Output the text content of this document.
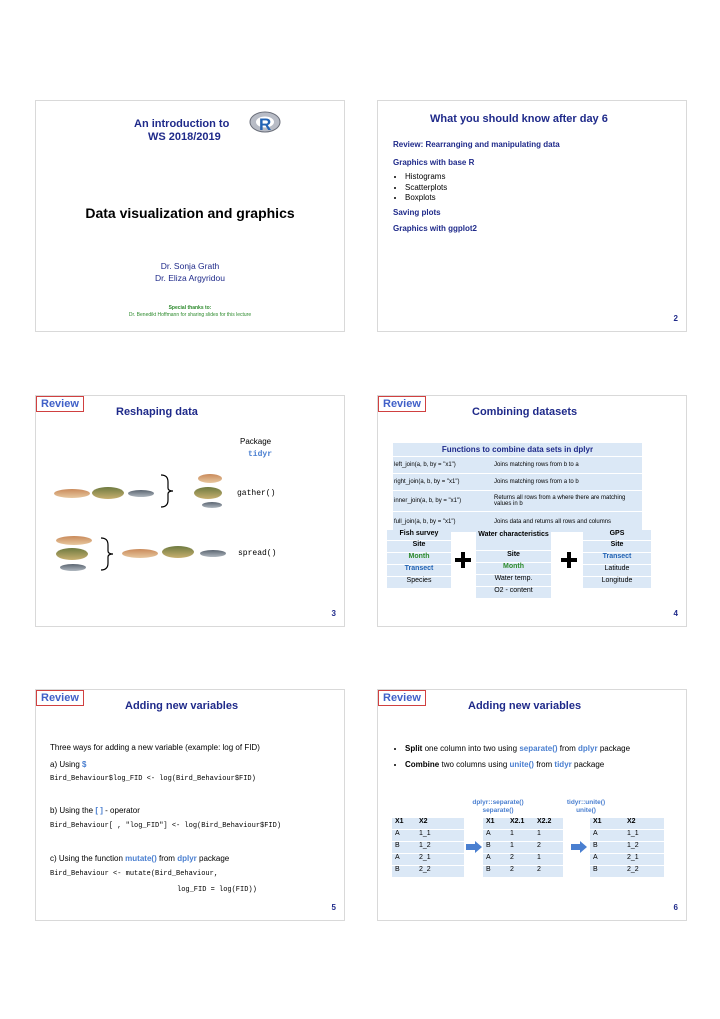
An introduction to R
WS 2018/2019
Data visualization and graphics
Dr. Sonja Grath
Dr. Eliza Argyridou
Special thanks to:
Dr. Benedikt Hoffmann for sharing slides for this lecture
What you should know after day 6
Review: Rearranging and manipulating data
Graphics with base R
• Histograms
• Scatterplots
• Boxplots
Saving plots
Graphics with ggplot2
2
Review
Reshaping data
Package
tidyr
gather()
spread()
3
Review
Combining datasets
Functions to combine data sets in dplyr
left_join(a, b, by = "x1")	Joins matching rows from b to a
right_join(a, b, by = "x1")	Joins matching rows from a to b
inner_join(a, b, by = "x1")	Returns all rows from a where there are matching values in b
full_join(a, b, by = "x1")	Joins data and returns all rows and columns
Fish survey
Site
Month
Transect
Species
Water characteristics
Site
Month
Water temp.
O2 - content
GPS
Site
Transect
Latitude
Longitude
4
Review
Adding new variables
Three ways for adding a new variable (example: log of FID)
a) Using $
Bird_Behaviour$log_FID <- log(Bird_Behaviour$FID)
b) Using the [ ] - operator
Bird_Behaviour[ , "log_FID"] <- log(Bird_Behaviour$FID)
c) Using the function mutate() from dplyr package
Bird_Behaviour <- mutate(Bird_Behaviour,
log_FID = log(FID))
5
Review
Adding new variables
• Split one column into two using separate() from dplyr package
• Combine two columns using unite() from tidyr package
dplyr::separate()
separate()
tidyr::unite()
unite()
X1	X2
A	1_1
B	1_2
A	2_1
B	2_2
X1	X2.1	X2.2
A	1	1
B	1	2
A	2	1
B	2	2
X1	X2
A	1_1
B	1_2
A	2_1
B	2_2
6
